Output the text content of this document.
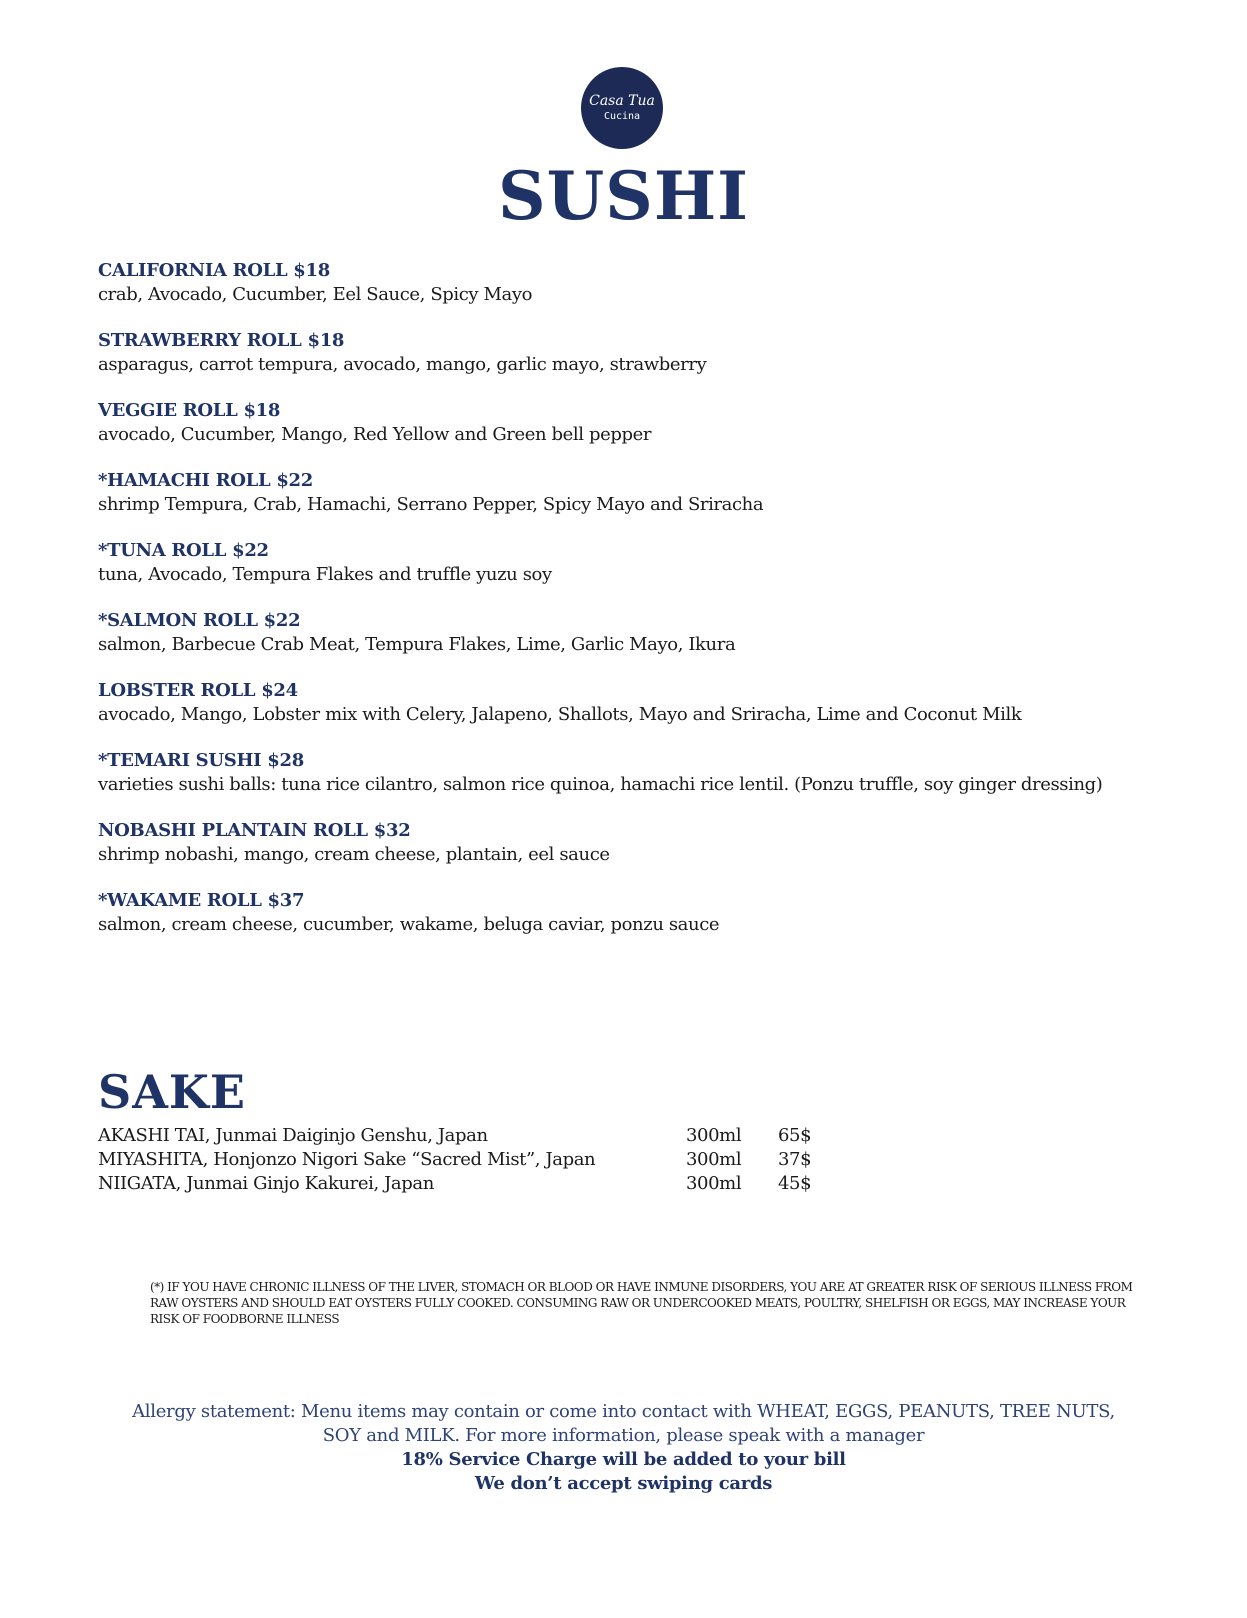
Casa Tua
Cucina
SUSHI
CALIFORNIA ROLL $18
crab, Avocado, Cucumber, Eel Sauce, Spicy Mayo
STRAWBERRY ROLL $18
asparagus, carrot tempura, avocado, mango, garlic mayo, strawberry
VEGGIE ROLL $18
avocado, Cucumber, Mango, Red Yellow and Green bell pepper
*HAMACHI ROLL $22
shrimp Tempura, Crab, Hamachi, Serrano Pepper, Spicy Mayo and Sriracha
*TUNA ROLL $22
tuna, Avocado, Tempura Flakes and truffle yuzu soy
*SALMON ROLL $22
salmon, Barbecue Crab Meat, Tempura Flakes, Lime, Garlic Mayo, Ikura
LOBSTER ROLL $24
avocado, Mango, Lobster mix with Celery, Jalapeno, Shallots, Mayo and Sriracha, Lime and Coconut Milk
*TEMARI SUSHI $28
varieties sushi balls: tuna rice cilantro, salmon rice quinoa, hamachi rice lentil. (Ponzu truffle, soy ginger dressing)
NOBASHI PLANTAIN ROLL $32
shrimp nobashi, mango, cream cheese, plantain, eel sauce
*WAKAME ROLL $37
salmon, cream cheese, cucumber, wakame, beluga caviar, ponzu sauce
SAKE
AKASHI TAI, Junmai Daiginjo Genshu, Japan	300ml 65$
MIYASHITA, Honjonzo Nigori Sake “Sacred Mist”, Japan	300ml 37$
NIIGATA, Junmai Ginjo Kakurei, Japan	300ml 45$
(*) IF YOU HAVE CHRONIC ILLNESS OF THE LIVER, STOMACH OR BLOOD OR HAVE INMUNE DISORDERS, YOU ARE AT GREATER RISK OF SERIOUS ILLNESS FROM RAW OYSTERS AND SHOULD EAT OYSTERS FULLY COOKED. CONSUMING RAW OR UNDERCOOKED MEATS, POULTRY, SHELFISH OR EGGS, MAY INCREASE YOUR RISK OF FOODBORNE ILLNESS
Allergy statement: Menu items may contain or come into contact with WHEAT, EGGS, PEANUTS, TREE NUTS, SOY and MILK. For more information, please speak with a manager
18% Service Charge will be added to your bill
We don’t accept swiping cards
